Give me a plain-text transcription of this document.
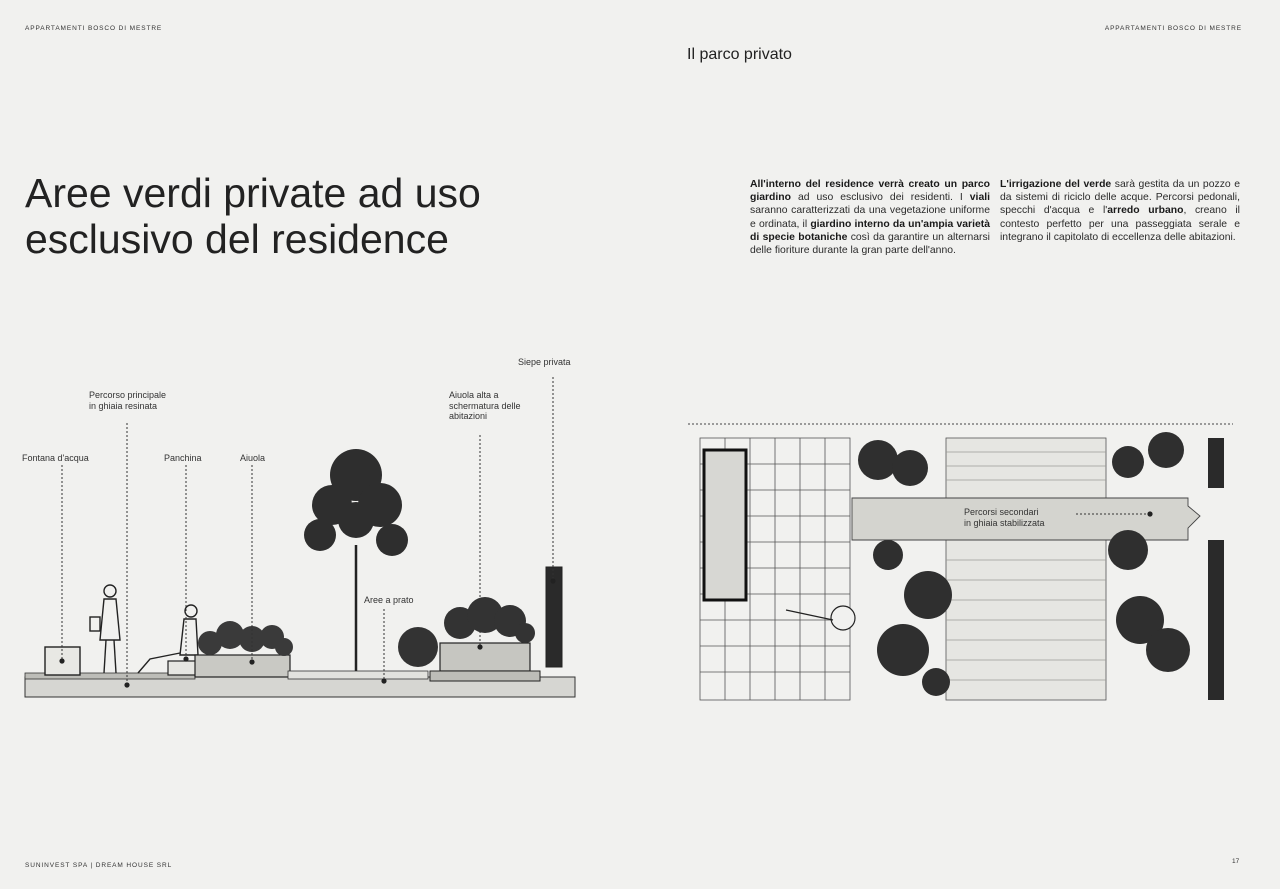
APPARTAMENTI BOSCO DI MESTRE	APPARTAMENTI BOSCO DI MESTRE
Il parco privato
Aree verdi private ad uso
esclusivo del residence
All'interno del residence verrà creato un parco giardino ad uso esclusivo dei residenti. I viali saranno caratterizzati da una vegetazione uniforme e ordinata, il giardino interno da un'ampia varietà di specie botaniche così da garantire un alternarsi delle fioriture durante la gran parte dell'anno.
L'irrigazione del verde sarà gestita da un pozzo e da sistemi di riciclo delle acque. Percorsi pedonali, specchi d'acqua e l'arredo urbano, creano il contesto perfetto per una passeggiata serale e integrano il capitolato di eccellenza delle abitazioni.
Fontana d'acqua
Percorso principale
in ghiaia resinata
Panchina	Aiuola
Aree a prato
Aiuola alta a
schermatura delle
abitazioni
Siepe privata
Percorsi secondari
in ghiaia stabilizzata
SUNINVEST SPA | DREAM HOUSE SRL
17
